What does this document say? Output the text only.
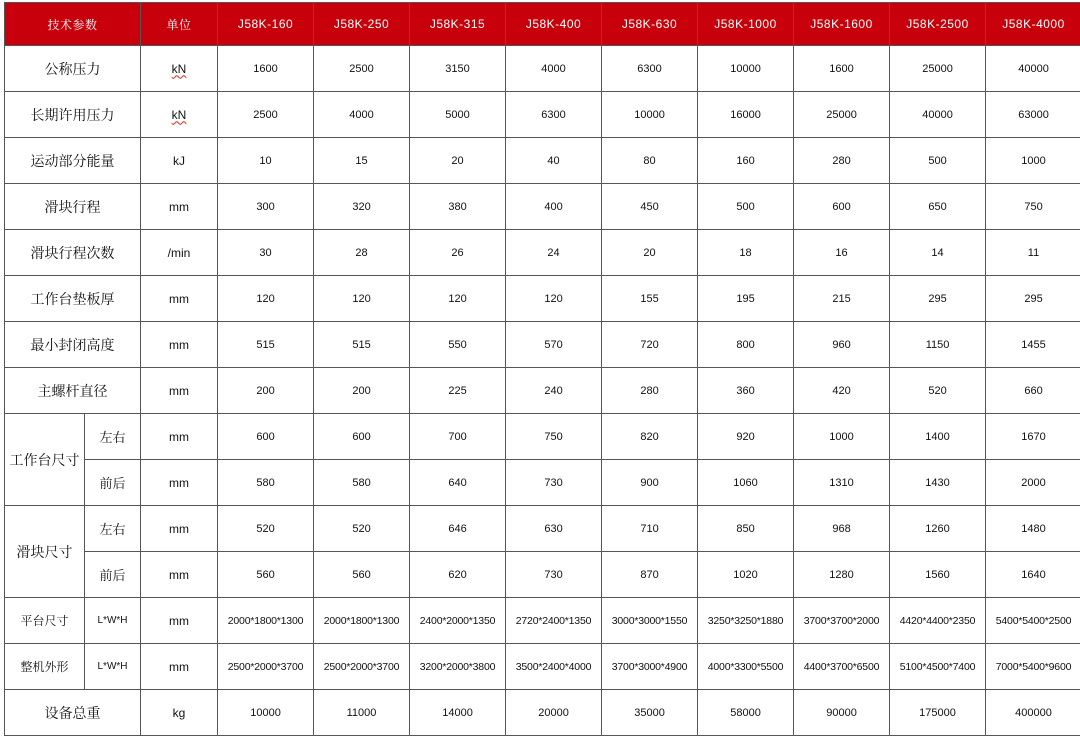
技术参数		单位	J58K-160	J58K-250	J58K-315	J58K-400	J58K-630	J58K-1000	J58K-1600	J58K-2500	J58K-4000
公称压力		kN	1600	2500	3150	4000	6300	10000	1600	25000	40000
长期许用压力		kN	2500	4000	5000	6300	10000	16000	25000	40000	63000
运动部分能量		kJ	10	15	20	40	80	160	280	500	1000
滑块行程		mm	300	320	380	400	450	500	600	650	750
滑块行程次数		/min	30	28	26	24	20	18	16	14	11
工作台垫板厚		mm	120	120	120	120	155	195	215	295	295
最小封闭高度		mm	515	515	550	570	720	800	960	1150	1455
主螺杆直径		mm	200	200	225	240	280	360	420	520	660
工作台尺寸	左右	mm	600	600	700	750	820	920	1000	1400	1670
	前后	mm	580	580	640	730	900	1060	1310	1430	2000
滑块尺寸	左右	mm	520	520	646	630	710	850	968	1260	1480
	前后	mm	560	560	620	730	870	1020	1280	1560	1640
平台尺寸	L*W*H	mm	2000*1800*1300	2000*1800*1300	2400*2000*1350	2720*2400*1350	3000*3000*1550	3250*3250*1880	3700*3700*2000	4420*4400*2350	5400*5400*2500
整机外形	L*W*H	mm	2500*2000*3700	2500*2000*3700	3200*2000*3800	3500*2400*4000	3700*3000*4900	4000*3300*5500	4400*3700*6500	5100*4500*7400	7000*5400*9600
设备总重		kg	10000	11000	14000	20000	35000	58000	90000	175000	400000
